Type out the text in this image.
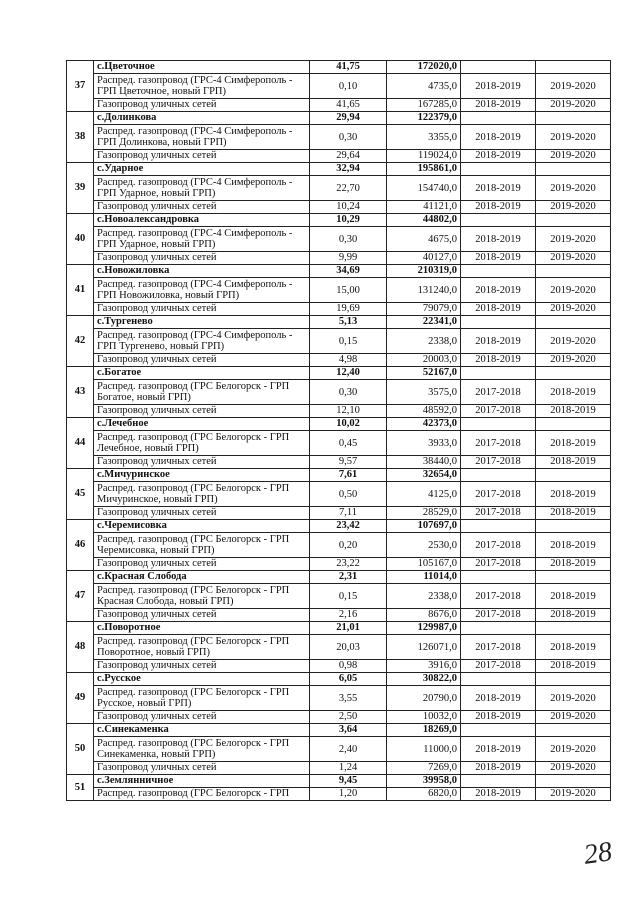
37	с.Цветочное	41,75	172020,0		
	Распред. газопровод (ГРС-4 Симферополь - ГРП Цветочное, новый ГРП)	0,10	4735,0	2018-2019	2019-2020
	Газопровод уличных сетей	41,65	167285,0	2018-2019	2019-2020
38	с.Долинкова	29,94	122379,0		
	Распред. газопровод (ГРС-4 Симферополь - ГРП Долинкова, новый ГРП)	0,30	3355,0	2018-2019	2019-2020
	Газопровод уличных сетей	29,64	119024,0	2018-2019	2019-2020
39	с.Ударное	32,94	195861,0		
	Распред. газопровод (ГРС-4 Симферополь - ГРП Ударное, новый ГРП)	22,70	154740,0	2018-2019	2019-2020
	Газопровод уличных сетей	10,24	41121,0	2018-2019	2019-2020
40	с.Новоалександровка	10,29	44802,0		
	Распред. газопровод (ГРС-4 Симферополь - ГРП Ударное, новый ГРП)	0,30	4675,0	2018-2019	2019-2020
	Газопровод уличных сетей	9,99	40127,0	2018-2019	2019-2020
41	с.Новожиловка	34,69	210319,0		
	Распред. газопровод (ГРС-4 Симферополь - ГРП Новожиловка, новый ГРП)	15,00	131240,0	2018-2019	2019-2020
	Газопровод уличных сетей	19,69	79079,0	2018-2019	2019-2020
42	с.Тургенево	5,13	22341,0		
	Распред. газопровод (ГРС-4 Симферополь - ГРП Тургенево, новый ГРП)	0,15	2338,0	2018-2019	2019-2020
	Газопровод уличных сетей	4,98	20003,0	2018-2019	2019-2020
43	с.Богатое	12,40	52167,0		
	Распред. газопровод (ГРС Белогорск - ГРП Богатое, новый ГРП)	0,30	3575,0	2017-2018	2018-2019
	Газопровод уличных сетей	12,10	48592,0	2017-2018	2018-2019
44	с.Лечебное	10,02	42373,0		
	Распред. газопровод (ГРС Белогорск - ГРП Лечебное, новый ГРП)	0,45	3933,0	2017-2018	2018-2019
	Газопровод уличных сетей	9,57	38440,0	2017-2018	2018-2019
45	с.Мичуринское	7,61	32654,0		
	Распред. газопровод (ГРС Белогорск - ГРП Мичуринское, новый ГРП)	0,50	4125,0	2017-2018	2018-2019
	Газопровод уличных сетей	7,11	28529,0	2017-2018	2018-2019
46	с.Черемисовка	23,42	107697,0		
	Распред. газопровод (ГРС Белогорск - ГРП Черемисовка, новый ГРП)	0,20	2530,0	2017-2018	2018-2019
	Газопровод уличных сетей	23,22	105167,0	2017-2018	2018-2019
47	с.Красная Слобода	2,31	11014,0		
	Распред. газопровод (ГРС Белогорск - ГРП Красная Слобода, новый ГРП)	0,15	2338,0	2017-2018	2018-2019
	Газопровод уличных сетей	2,16	8676,0	2017-2018	2018-2019
48	с.Поворотное	21,01	129987,0		
	Распред. газопровод (ГРС Белогорск - ГРП Поворотное, новый ГРП)	20,03	126071,0	2017-2018	2018-2019
	Газопровод уличных сетей	0,98	3916,0	2017-2018	2018-2019
49	с.Русское	6,05	30822,0		
	Распред. газопровод (ГРС Белогорск - ГРП Русское, новый ГРП)	3,55	20790,0	2018-2019	2019-2020
	Газопровод уличных сетей	2,50	10032,0	2018-2019	2019-2020
50	с.Синекаменка	3,64	18269,0		
	Распред. газопровод (ГРС Белогорск - ГРП Синекаменка, новый ГРП)	2,40	11000,0	2018-2019	2019-2020
	Газопровод уличных сетей	1,24	7269,0	2018-2019	2019-2020
51	с.Землянничное	9,45	39958,0		
	Распред. газопровод (ГРС Белогорск - ГРП	1,20	6820,0	2018-2019	2019-2020
28
